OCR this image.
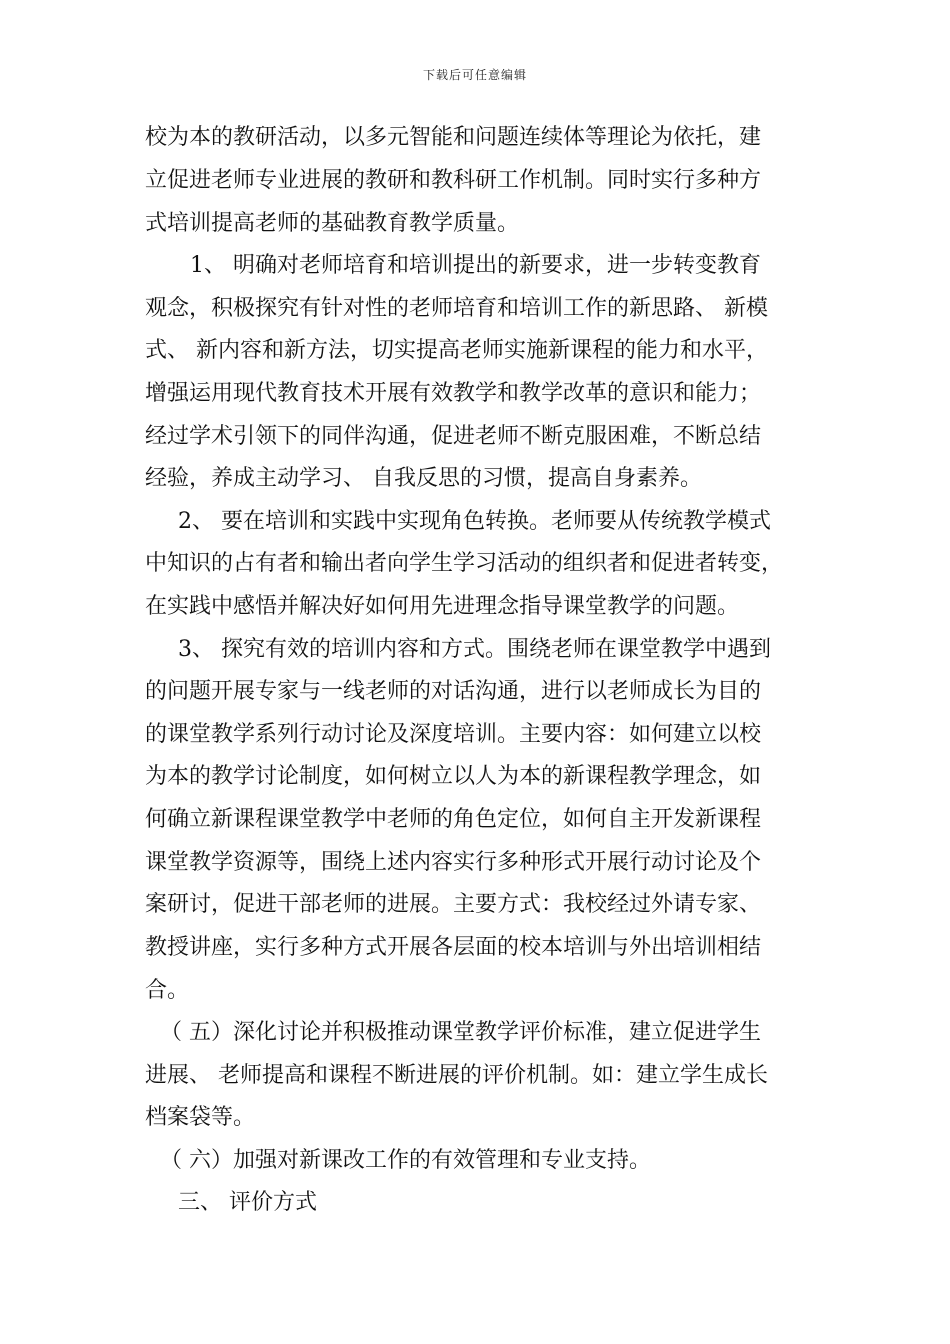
下载后可任意编辑
校为本的教研活动，以多元智能和问题连续体等理论为依托，建
立促进老师专业进展的教研和教科研工作机制。同时实行多种方
式培训提高老师的基础教育教学质量。
1、 明确对老师培育和培训提出的新要求，进一步转变教育
观念，积极探究有针对性的老师培育和培训工作的新思路、 新模
式、 新内容和新方法，切实提高老师实施新课程的能力和水平，
增强运用现代教育技术开展有效教学和教学改革的意识和能力；
经过学术引领下的同伴沟通，促进老师不断克服困难，不断总结
经验，养成主动学习、 自我反思的习惯，提高自身素养。
2、 要在培训和实践中实现角色转换。老师要从传统教学模式
中知识的占有者和输出者向学生学习活动的组织者和促进者转变，
在实践中感悟并解决好如何用先进理念指导课堂教学的问题。
3、 探究有效的培训内容和方式。围绕老师在课堂教学中遇到
的问题开展专家与一线老师的对话沟通，进行以老师成长为目的
的课堂教学系列行动讨论及深度培训。主要内容：如何建立以校
为本的教学讨论制度，如何树立以人为本的新课程教学理念，如
何确立新课程课堂教学中老师的角色定位，如何自主开发新课程
课堂教学资源等，围绕上述内容实行多种形式开展行动讨论及个
案研讨，促进干部老师的进展。主要方式：我校经过外请专家、
教授讲座，实行多种方式开展各层面的校本培训与外出培训相结
合。
（ 五）深化讨论并积极推动课堂教学评价标准，建立促进学生
进展、 老师提高和课程不断进展的评价机制。如：建立学生成长
档案袋等。
（ 六）加强对新课改工作的有效管理和专业支持。
三、 评价方式
